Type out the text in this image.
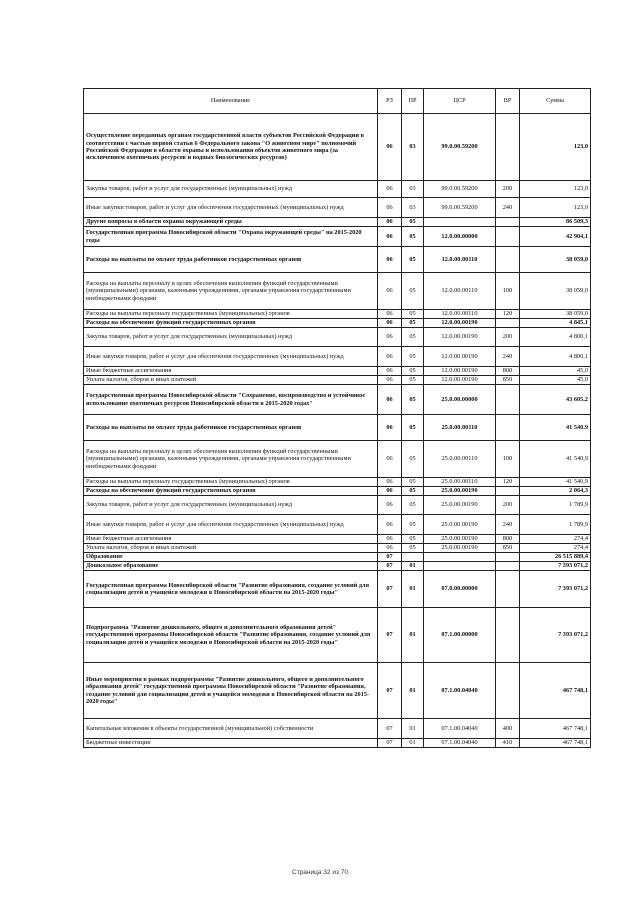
Наименование	РЗ	ПР	ЦСР	ВР	Сумма
Осуществление переданных органам государственной власти субъектов Российской Федерации в соответствии с частью первой статьи 6 Федерального закона "О животном мире" полномочий Российской Федерации в области охраны и использования объектов животного мира (за исключением охотничьих ресурсов и водных биологических ресурсов)	06	03	99.0.00.59200		123,0
Закупка товаров, работ и услуг для государственных (муниципальных) нужд	06	03	99.0.00.59200	200	123,0
Иные закупки товаров, работ и услуг для обеспечения государственных (муниципальных) нужд	06	03	99.0.00.59200	240	123,0
Другие вопросы в области охраны окружающей среды	06	05			86 509,3
Государственная программа Новосибирской области "Охрана окружающей среды" на 2015-2020 годы	06	05	12.0.00.00000		42 904,1
Расходы на выплаты по оплате труда работников государственных органов	06	05	12.0.00.00110		38 059,0
Расходы на выплаты персоналу в целях обеспечения выполнения функций государственными (муниципальными) органами, казенными учреждениями, органами управления государственными внебюджетными фондами	06	05	12.0.00.00110	100	38 059,0
Расходы на выплаты персоналу государственных (муниципальных) органов	06	05	12.0.00.00110	120	38 059,0
Расходы на обеспечение функций государственных органов	06	05	12.0.00.00190		4 845,1
Закупка товаров, работ и услуг для государственных (муниципальных) нужд	06	05	12.0.00.00190	200	4 800,1
Иные закупки товаров, работ и услуг для обеспечения государственных (муниципальных) нужд	06	05	12.0.00.00190	240	4 800,1
Иные бюджетные ассигнования	06	05	12.0.00.00190	800	45,0
Уплата налогов, сборов и иных платежей	06	05	12.0.00.00190	850	45,0
Государственная программа Новосибирской области "Сохранение, воспроизводство и устойчивое использование охотничьих ресурсов Новосибирской области в 2015-2020 годах"	06	05	25.0.00.00000		43 605,2
Расходы на выплаты по оплате труда работников государственных органов	06	05	25.0.00.00110		41 540,9
Расходы на выплаты персоналу в целях обеспечения выполнения функций государственными (муниципальными) органами, казенными учреждениями, органами управления государственными внебюджетными фондами	06	05	25.0.00.00110	100	41 540,9
Расходы на выплаты персоналу государственных (муниципальных) органов	06	05	25.0.00.00110	120	41 540,9
Расходы на обеспечение функций государственных органов	06	05	25.0.00.00190		2 064,3
Закупка товаров, работ и услуг для государственных (муниципальных) нужд	06	05	25.0.00.00190	200	1 789,9
Иные закупки товаров, работ и услуг для обеспечения государственных (муниципальных) нужд	06	05	25.0.00.00190	240	1 789,9
Иные бюджетные ассигнования	06	05	25.0.00.00190	800	274,4
Уплата налогов, сборов и иных платежей	06	05	25.0.00.00190	850	274,4
Образование	07				26 515 889,4
Дошкольное образование	07	01			7 393 071,2
Государственная программа Новосибирской области "Развитие образования, создание условий для социализации детей и учащейся молодежи в Новосибирской области на 2015-2020 годы"	07	01	07.0.00.00000		7 393 071,2
Подпрограмма "Развитие дошкольного, общего и дополнительного образования детей" государственной программы Новосибирской области "Развитие образования, создание условий для социализации детей и учащейся молодежи в Новосибирской области на 2015-2020 годы"	07	01	07.1.00.00000		7 393 071,2
Иные мероприятия в рамках подпрограммы "Развитие дошкольного, общего и дополнительного образования детей" государственной программы Новосибирской области "Развитие образования, создание условий для социализации детей и учащейся молодежи в Новосибирской области на 2015-2020 годы"	07	01	07.1.00.04040		467 748,1
Капитальные вложения в объекты государственной (муниципальной) собственности	07	01	07.1.00.04040	400	467 748,1
Бюджетные инвестиции	07	01	07.1.00.04040	410	467 748,1
Страница 32 из 70
